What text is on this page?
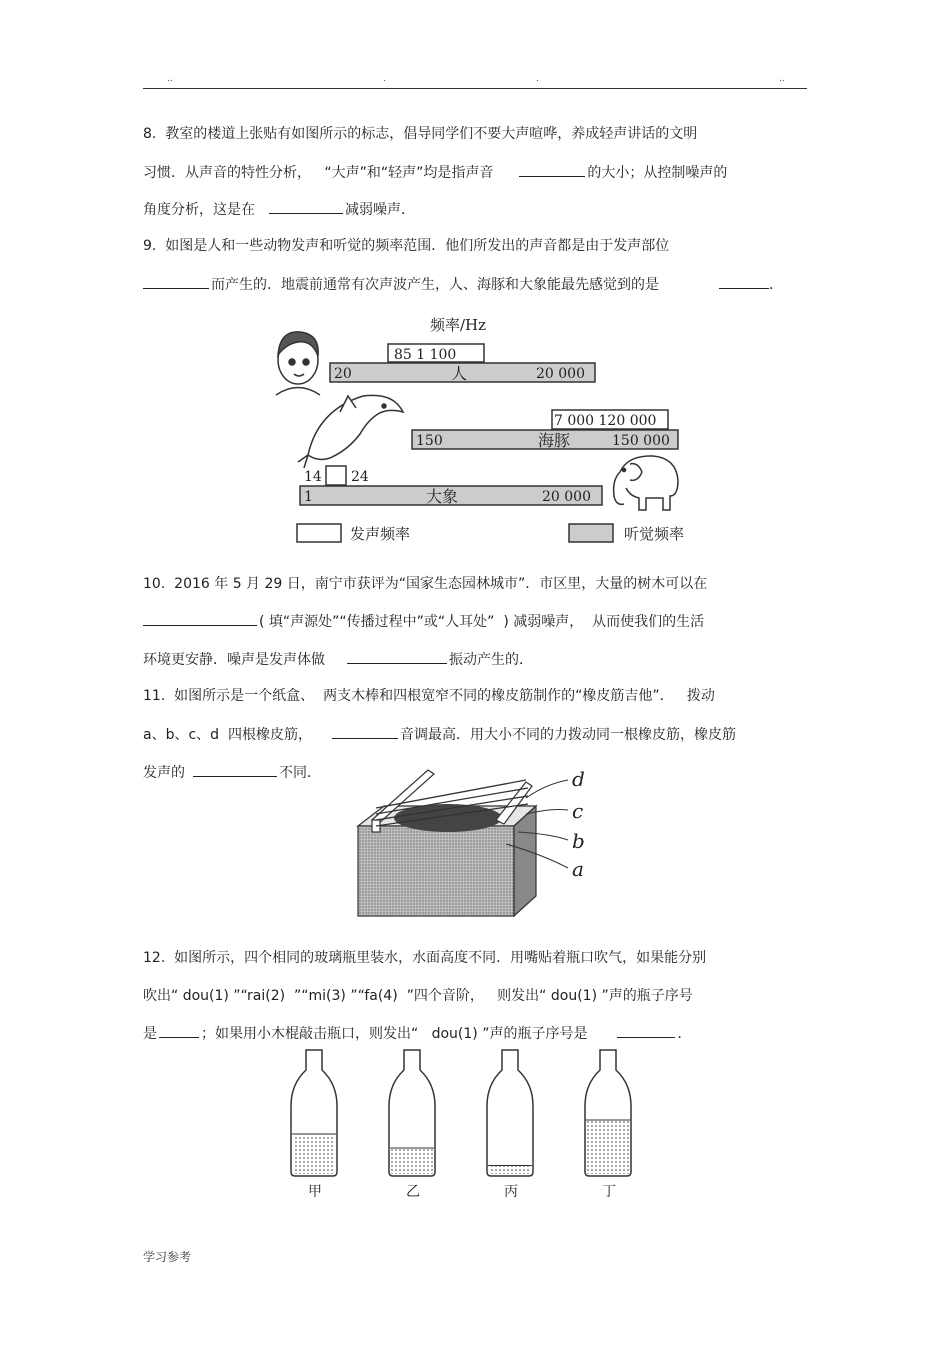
..	.	.	..
8.  教室的楼道上张贴有如图所示的标志，倡导同学们不要大声喧哗，养成轻声讲话的文明
习惯．从声音的特性分析，   “大声”和“轻声”均是指声音	的大小；从控制噪声的
角度分析，这是在	减弱噪声．
9.  如图是人和一些动物发声和听觉的频率范围．他们所发出的声音都是由于发声部位
而产生的．地震前通常有次声波产生，人、海豚和大象能最先感觉到的是	．
频率/Hz
85 1 100
20	人	20 000
7 000 120 000
150	海豚	150 000
14 24
1	大象	20 000
发声频率	听觉频率
10.  2016 年 5 月 29 日，南宁市获评为“国家生态园林城市”．市区里，大量的树木可以在
( 填“声源处”“传播过程中”或“人耳处”  ) 减弱噪声，  从而使我们的生活
环境更安静．噪声是发声体做	振动产生的．
11.  如图所示是一个纸盒、  两支木棒和四根宽窄不同的橡皮筋制作的“橡皮筋吉他”．   拨动
a、b、c、d  四根橡皮筋，	音调最高．用大小不同的力拨动同一根橡皮筋，橡皮筋
发声的	不同．	d
c
b
a
12.  如图所示，四个相同的玻璃瓶里装水，水面高度不同．用嘴贴着瓶口吹气，如果能分别
吹出“ dou(1) ”“rai(2)  ”“mi(3) ”“fa(4)  ”四个音阶，   则发出“ dou(1) ”声的瓶子序号
是	；如果用小木棍敲击瓶口，则发出“   dou(1) ”声的瓶子序号是	．
甲	乙	丙	丁
学习参考
